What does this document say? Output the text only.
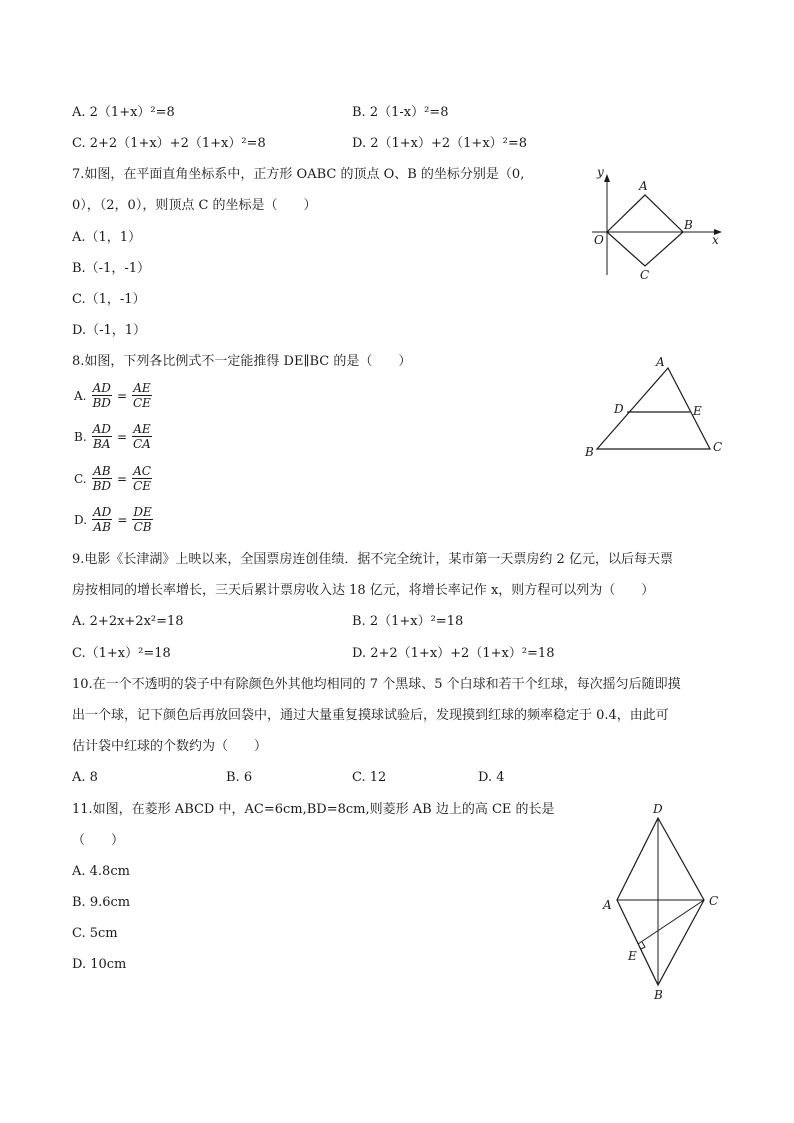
A. 2（1+x）²=8	B. 2（1-x）²=8
C. 2+2（1+x）+2（1+x）²=8	D. 2（1+x）+2（1+x）²=8
7.如图，在平面直角坐标系中，正方形 OABC 的顶点 O、B 的坐标分别是（0,
0），（2，0），则顶点 C 的坐标是（　　）
A.（1，1）
B.（-1，-1）
C.（1，-1）
D.（-1，1）
y
x
O
A
B
C
8.如图，下列各比例式不一定能推得 DE∥BC 的是（　　）
A. $\frac{AD}{BD} = \frac{AE}{CE}$
B. $\frac{AD}{BA} = \frac{AE}{CA}$
C. $\frac{AB}{BD} = \frac{AC}{CE}$
D. $\frac{AD}{AB} = \frac{DE}{CB}$
A
B	C
D	E
9.电影《长津湖》上映以来，全国票房连创佳绩．据不完全统计，某市第一天票房约 2 亿元，以后每天票
房按相同的增长率增长，三天后累计票房收入达 18 亿元，将增长率记作 x，则方程可以列为（　　）
A. 2+2x+2x²=18	B. 2（1+x）²=18
C.（1+x）²=18	D. 2+2（1+x）+2（1+x）²=18
10.在一个不透明的袋子中有除颜色外其他均相同的 7 个黑球、5 个白球和若干个红球，每次摇匀后随即摸
出一个球，记下颜色后再放回袋中，通过大量重复摸球试验后，发现摸到红球的频率稳定于 0.4，由此可
估计袋中红球的个数约为（　　）
A. 8	B. 6	C. 12	D. 4
11.如图，在菱形 ABCD 中，AC=6cm,BD=8cm,则菱形 AB 边上的高 CE 的长是
（　　）
A. 4.8cm
B. 9.6cm
C. 5cm
D. 10cm
D
A	C
E
B
